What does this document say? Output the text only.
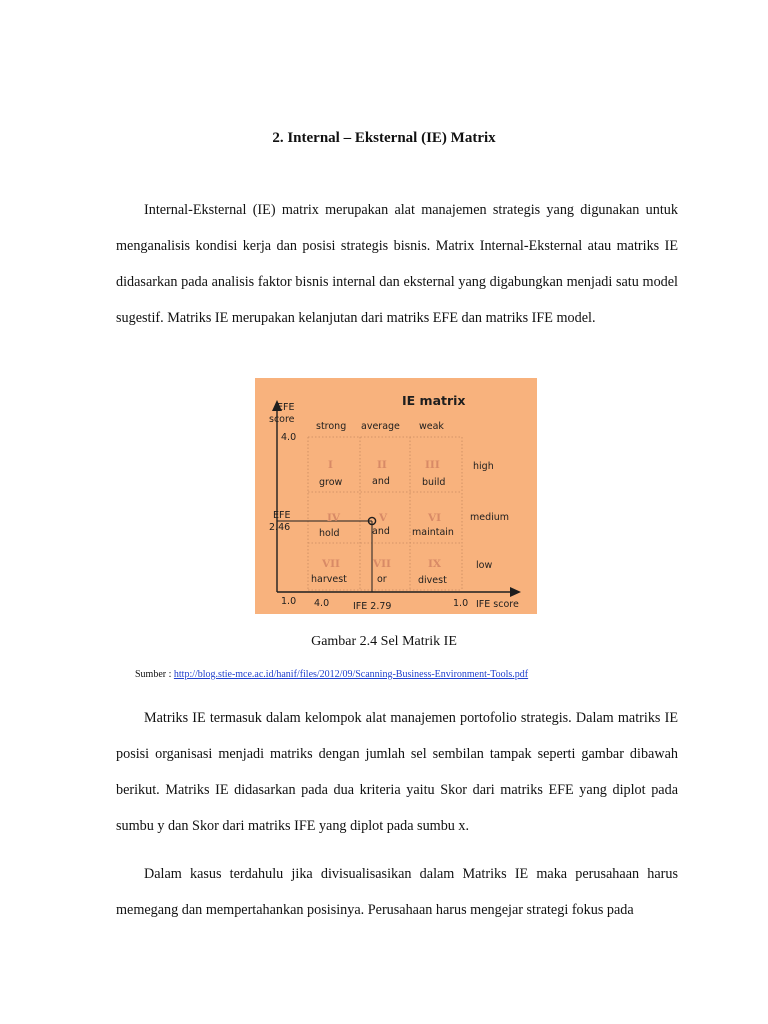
2. Internal – Eksternal (IE) Matrix

Internal-Eksternal (IE) matrix merupakan alat manajemen strategis yang digunakan untuk menganalisis kondisi kerja dan posisi strategis bisnis. Matrix Internal-Eksternal atau matriks IE didasarkan pada analisis faktor bisnis internal dan eksternal yang digabungkan menjadi satu model sugestif. Matriks IE merupakan kelanjutan dari matriks EFE dan matriks IFE model.

IE matrix
EFE
score
4.0
EFE
2.46
1.0 4.0	IFE 2.79	1.0 IFE score
strong average weak
high
medium
low
I
grow
II
and
III
build
IV
hold
V
and
VI
maintain
VII
harvest
VII
or
IX
divest
Gambar 2.4 Sel Matrik IE
Sumber : http://blog.stie-mce.ac.id/hanif/files/2012/09/Scanning-Business-Environment-Tools.pdf

Matriks IE termasuk dalam kelompok alat manajemen portofolio strategis. Dalam matriks IE posisi organisasi menjadi matriks dengan jumlah sel sembilan tampak seperti gambar dibawah berikut. Matriks IE didasarkan pada dua kriteria yaitu Skor dari matriks EFE yang diplot pada sumbu y dan Skor dari matriks IFE yang diplot pada sumbu x.

Dalam kasus terdahulu jika divisualisasikan dalam Matriks IE maka perusahaan harus memegang dan mempertahankan posisinya. Perusahaan harus mengejar strategi fokus pada
